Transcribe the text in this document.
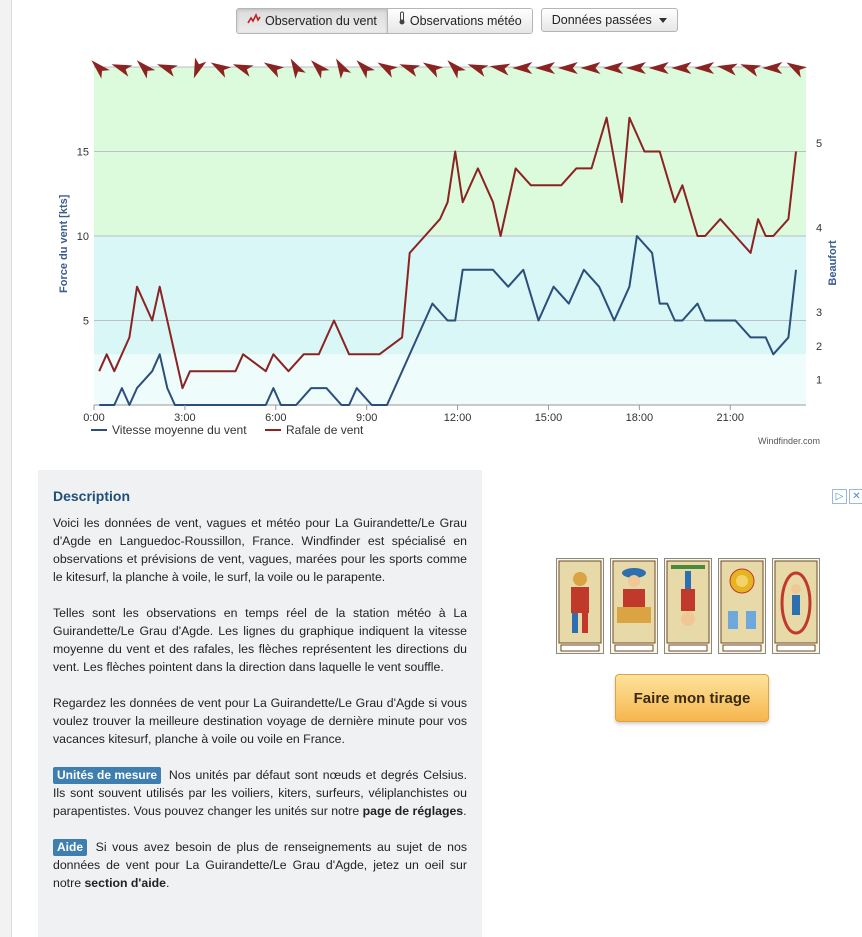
Observation du vent	Observations météo Données passées
5
10
15
1
2
3
4
5
0:00	3:00	6:00	9:00	12:00	15:00	18:00	21:00
Force du vent [kts]	Beaufort
Vitesse moyenne du vent	Rafale de vent
Windfinder.com
Description

Voici les données de vent, vagues et météo pour La Guirandette/Le Grau d'Agde en Languedoc-Roussillon, France. Windfinder est spécialisé en observations et prévisions de vent, vagues, marées pour les sports comme le kitesurf, la planche à voile, le surf, la voile ou le parapente.

Telles sont les observations en temps réel de la station météo à La Guirandette/Le Grau d'Agde. Les lignes du graphique indiquent la vitesse moyenne du vent et des rafales, les flèches représentent les directions du vent. Les flèches pointent dans la direction dans laquelle le vent souffle.

Regardez les données de vent pour La Guirandette/Le Grau d'Agde si vous voulez trouver la meilleure destination voyage de dernière minute pour vos vacances kitesurf, planche à voile ou voile en France.

Unités de mesure Nos unités par défaut sont nœuds et degrés Celsius. Ils sont souvent utilisés par les voiliers, kiters, surfeurs, véliplanchistes ou parapentistes. Vous pouvez changer les unités sur notre page de réglages.

Aide Si vous avez besoin de plus de renseignements au sujet de nos données de vent pour La Guirandette/Le Grau d'Agde, jetez un oeil sur notre section d'aide.

▷ ✕
Faire mon tirage
